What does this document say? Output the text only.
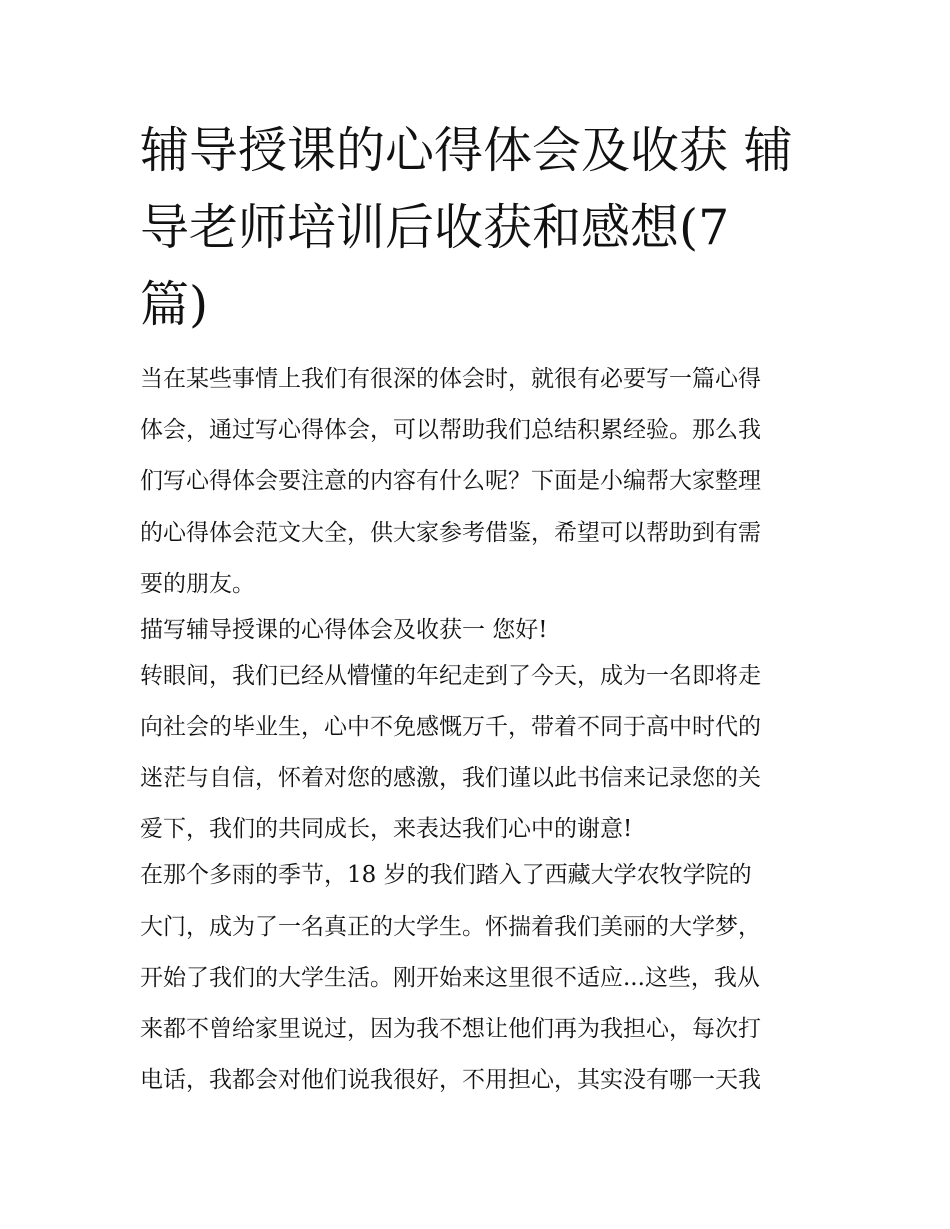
辅导授课的心得体会及收获 辅
导老师培训后收获和感想(7
篇)
当在某些事情上我们有很深的体会时，就很有必要写一篇心得
体会，通过写心得体会，可以帮助我们总结积累经验。那么我
们写心得体会要注意的内容有什么呢？下面是小编帮大家整理
的心得体会范文大全，供大家参考借鉴，希望可以帮助到有需
要的朋友。
描写辅导授课的心得体会及收获一 您好!
转眼间，我们已经从懵懂的年纪走到了今天，成为一名即将走
向社会的毕业生，心中不免感慨万千，带着不同于高中时代的
迷茫与自信，怀着对您的感激，我们谨以此书信来记录您的关
爱下，我们的共同成长，来表达我们心中的谢意!
在那个多雨的季节，18 岁的我们踏入了西藏大学农牧学院的
大门，成为了一名真正的大学生。怀揣着我们美丽的大学梦，
开始了我们的大学生活。刚开始来这里很不适应...这些，我从
来都不曾给家里说过，因为我不想让他们再为我担心，每次打
电话，我都会对他们说我很好，不用担心，其实没有哪一天我
